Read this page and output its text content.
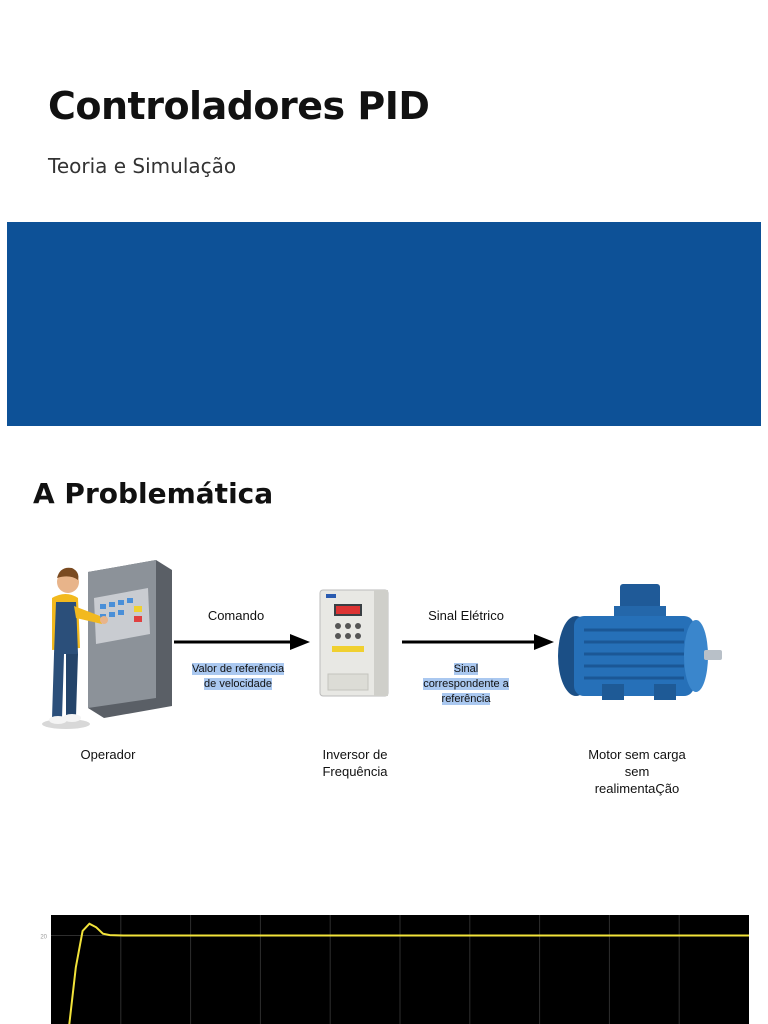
Controladores PID

Teoria e Simulação

A Problemática
Comando
Valor de referência
de velocidade
Sinal Elétrico
Sinal
correspondente a
referência
Operador	Inversor de
Frequência
Motor sem carga
sem
realimentaÇão
20
